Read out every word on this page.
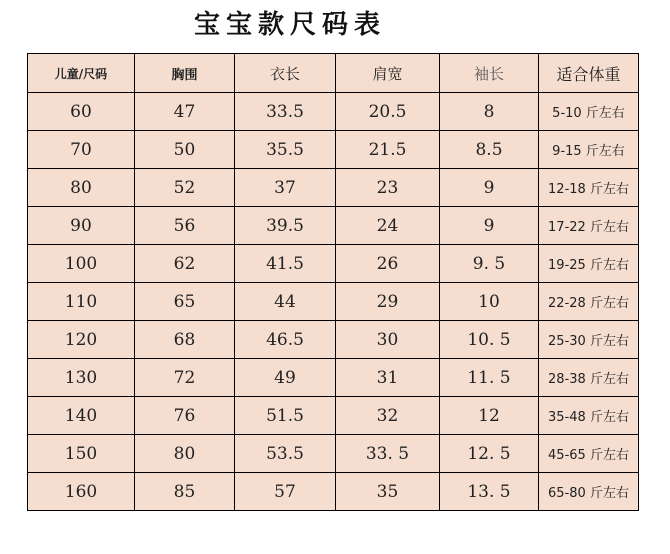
宝宝款尺码表
儿童/尺码	胸围	衣长	肩宽	袖长	适合体重
60	47	33.5	20.5	8	5-10 斤左右
70	50	35.5	21.5	8.5	9-15 斤左右
80	52	37	23	9	12-18 斤左右
90	56	39.5	24	9	17-22 斤左右
100	62	41.5	26	9. 5	19-25 斤左右
110	65	44	29	10	22-28 斤左右
120	68	46.5	30	10. 5	25-30 斤左右
130	72	49	31	11. 5	28-38 斤左右
140	76	51.5	32	12	35-48 斤左右
150	80	53.5	33. 5	12. 5	45-65 斤左右
160	85	57	35	13. 5	65-80 斤左右
